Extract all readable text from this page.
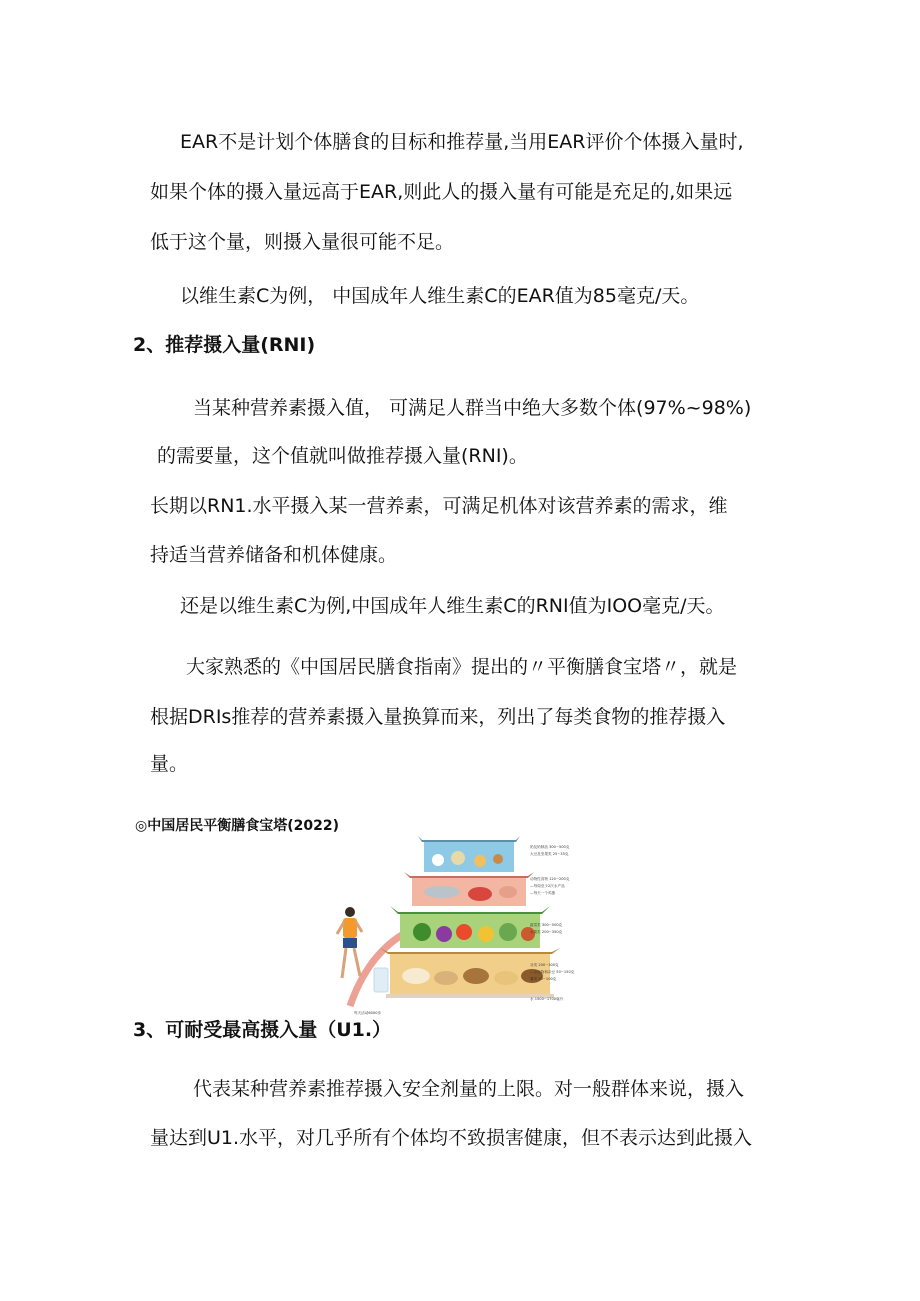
EAR不是计划个体膳食的目标和推荐量,当用EAR评价个体摄入量时,
如果个体的摄入量远高于EAR,则此人的摄入量有可能是充足的,如果远
低于这个量，则摄入量很可能不足。
以维生素C为例， 中国成年人维生素C的EAR值为85毫克/天。
2、推荐摄入量(RNI)
当某种营养素摄入值， 可满足人群当中绝大多数个体(97%~98%)
的需要量，这个值就叫做推荐摄入量(RNI)。
长期以RN1.水平摄入某一营养素，可满足机体对该营养素的需求，维
持适当营养储备和机体健康。
还是以维生素C为例,中国成年人维生素C的RNI值为IOO毫克/天。
大家熟悉的《中国居民膳食指南》提出的〃平衡膳食宝塔〃，就是
根据DRIs推荐的营养素摄入量换算而来，列出了每类食物的推荐摄入
量。
◎中国居民平衡膳食宝塔(2022)
每天活动6000步
奶及奶制品 300~500克
大豆及坚果类 25~35克
动物性食物 120~200克
—每周至少2次水产品
—每天一个鸡蛋
蔬菜类 300~500克
水果类 200~350克
谷类 200~300克
—全谷物和杂豆 50~150克
薯类 50~100克
水 1500~1700毫升
3、可耐受最高摄入量（U1.）
代表某种营养素推荐摄入安全剂量的上限。对一般群体来说，摄入
量达到U1.水平，对几乎所有个体均不致损害健康，但不表示达到此摄入
